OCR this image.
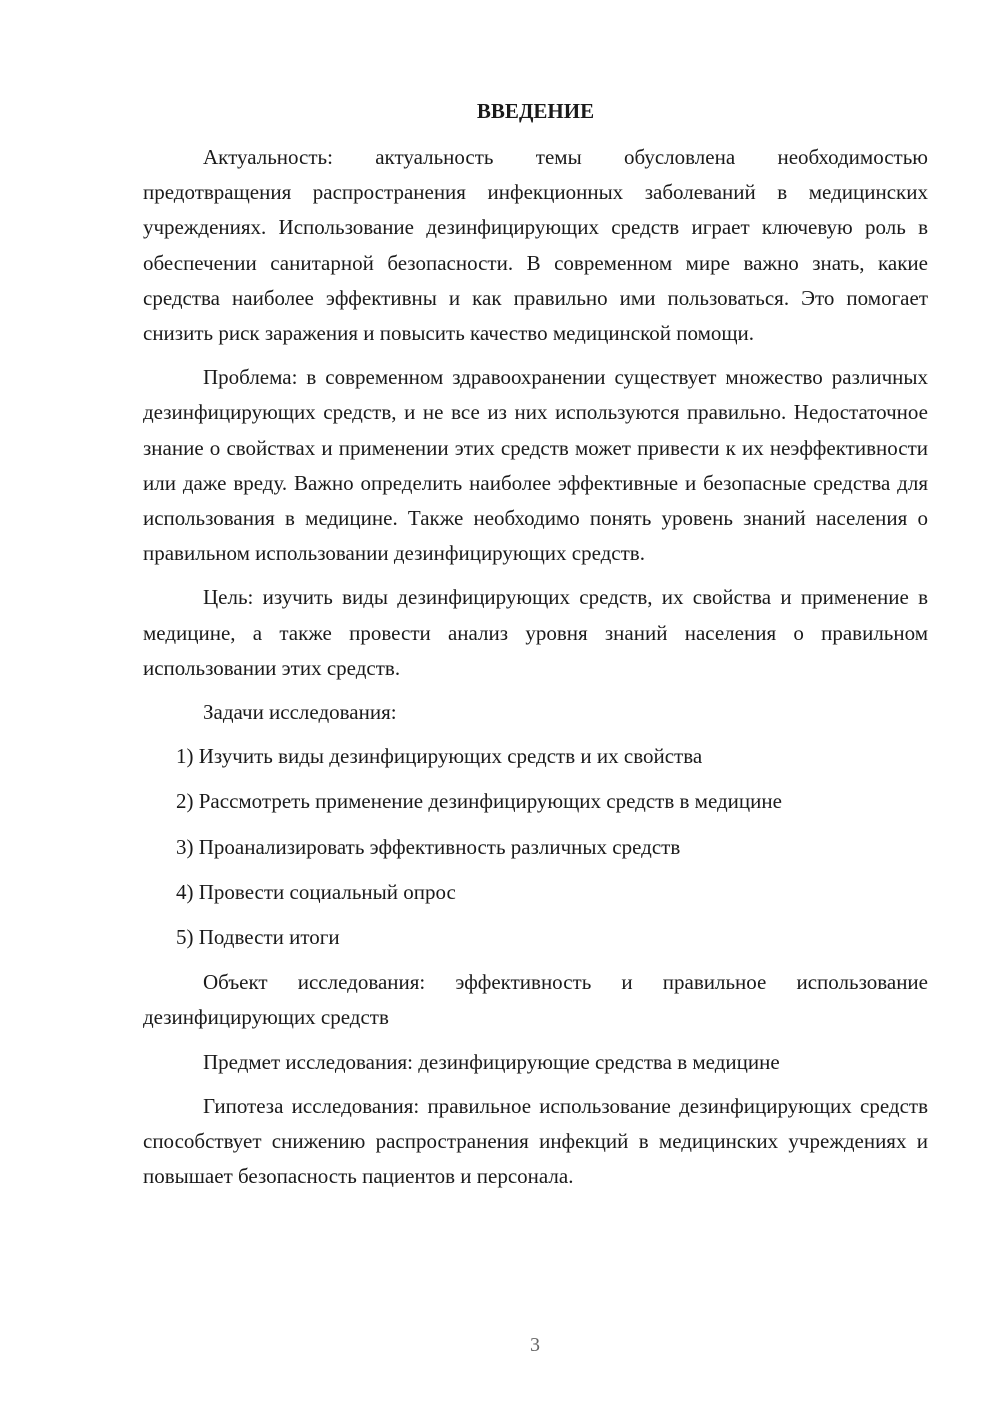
ВВЕДЕНИЕ

Актуальность: актуальность темы обусловлена необходимостью предотвращения распространения инфекционных заболеваний в медицинских учреждениях. Использование дезинфицирующих средств играет ключевую роль в обеспечении санитарной безопасности. В современном мире важно знать, какие средства наиболее эффективны и как правильно ими пользоваться. Это помогает снизить риск заражения и повысить качество медицинской помощи.

Проблема: в современном здравоохранении существует множество различных дезинфицирующих средств, и не все из них используются правильно. Недостаточное знание о свойствах и применении этих средств может привести к их неэффективности или даже вреду. Важно определить наиболее эффективные и безопасные средства для использования в медицине. Также необходимо понять уровень знаний населения о правильном использовании дезинфицирующих средств.

Цель: изучить виды дезинфицирующих средств, их свойства и применение в медицине, а также провести анализ уровня знаний населения о правильном использовании этих средств.

Задачи исследования:

1) Изучить виды дезинфицирующих средств и их свойства
2) Рассмотреть применение дезинфицирующих средств в медицине
3) Проанализировать эффективность различных средств
4) Провести социальный опрос
5) Подвести итоги

Объект исследования: эффективность и правильное использование дезинфицирующих средств

Предмет исследования: дезинфицирующие средства в медицине

Гипотеза исследования: правильное использование дезинфицирующих средств способствует снижению распространения инфекций в медицинских учреждениях и повышает безопасность пациентов и персонала.

3
